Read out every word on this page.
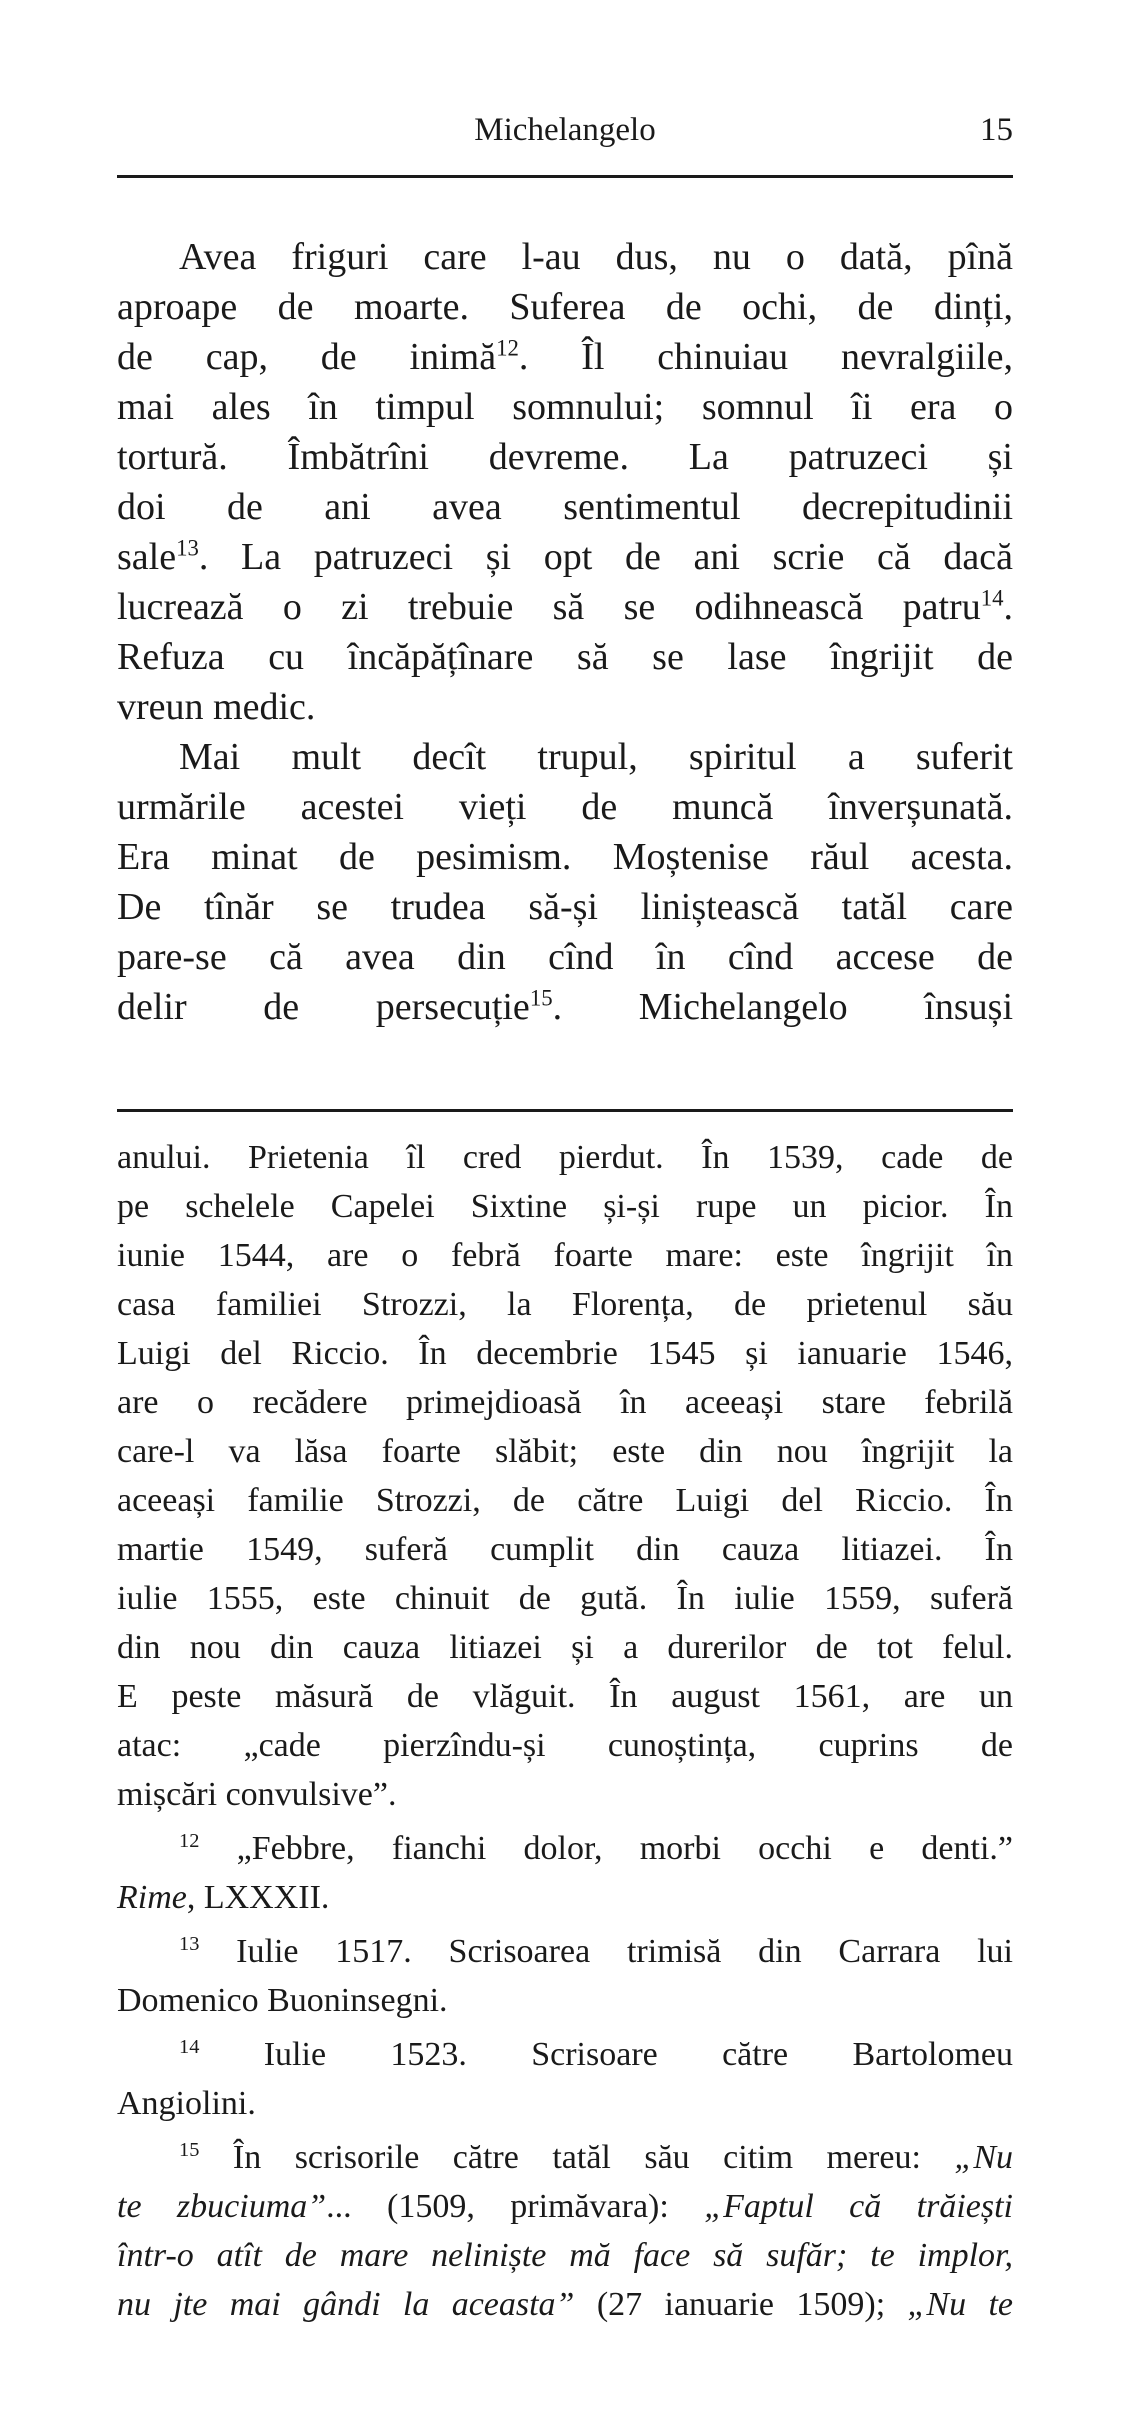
Michelangelo	15
Avea friguri care l-au dus, nu o dată, pînă
aproape de moarte. Suferea de ochi, de dinți,
de cap, de inimă$^{12}$. Îl chinuiau nevralgiile,
mai ales în timpul somnului; somnul îi era o
tortură. Îmbătrîni devreme. La patruzeci și
doi de ani avea sentimentul decrepitudinii
sale$^{13}$. La patruzeci și opt de ani scrie că dacă
lucrează o zi trebuie să se odihnească patru$^{14}$.
Refuza cu încăpățînare să se lase îngrijit de
vreun medic.
Mai mult decît trupul, spiritul a suferit
urmările acestei vieți de muncă înverșunată.
Era minat de pesimism. Moștenise răul acesta.
De tînăr se trudea să-și liniștească tatăl care
pare-se că avea din cînd în cînd accese de
delir de persecuție$^{15}$. Michelangelo însuși
anului. Prietenia îl cred pierdut. În 1539, cade de
pe schelele Capelei Sixtine și-și rupe un picior. În
iunie 1544, are o febră foarte mare: este îngrijit în
casa familiei Strozzi, la Florența, de prietenul său
Luigi del Riccio. În decembrie 1545 și ianuarie 1546,
are o recădere primejdioasă în aceeași stare febrilă
care-l va lăsa foarte slăbit; este din nou îngrijit la
aceeași familie Strozzi, de către Luigi del Riccio. În
martie 1549, suferă cumplit din cauza litiazei. În
iulie 1555, este chinuit de gută. În iulie 1559, suferă
din nou din cauza litiazei și a durerilor de tot felul.
E peste măsură de vlăguit. În august 1561, are un
atac: „cade pierzîndu-și cunoștința, cuprins de
mișcări convulsive”.
$^{12}$ „Febbre, fianchi dolor, morbi occhi e denti.”
Rime, LXXXII.
$^{13}$ Iulie 1517. Scrisoarea trimisă din Carrara lui
Domenico Buoninsegni.
$^{14}$ Iulie 1523. Scrisoare către Bartolomeu
Angiolini.
$^{15}$ În scrisorile către tatăl său citim mereu: „Nu
te zbuciuma”... (1509, primăvara): „Faptul că trăiești
într-o atît de mare neliniște mă face să sufăr; te implor,
nu jte mai gândi la aceasta” (27 ianuarie 1509); „Nu te
